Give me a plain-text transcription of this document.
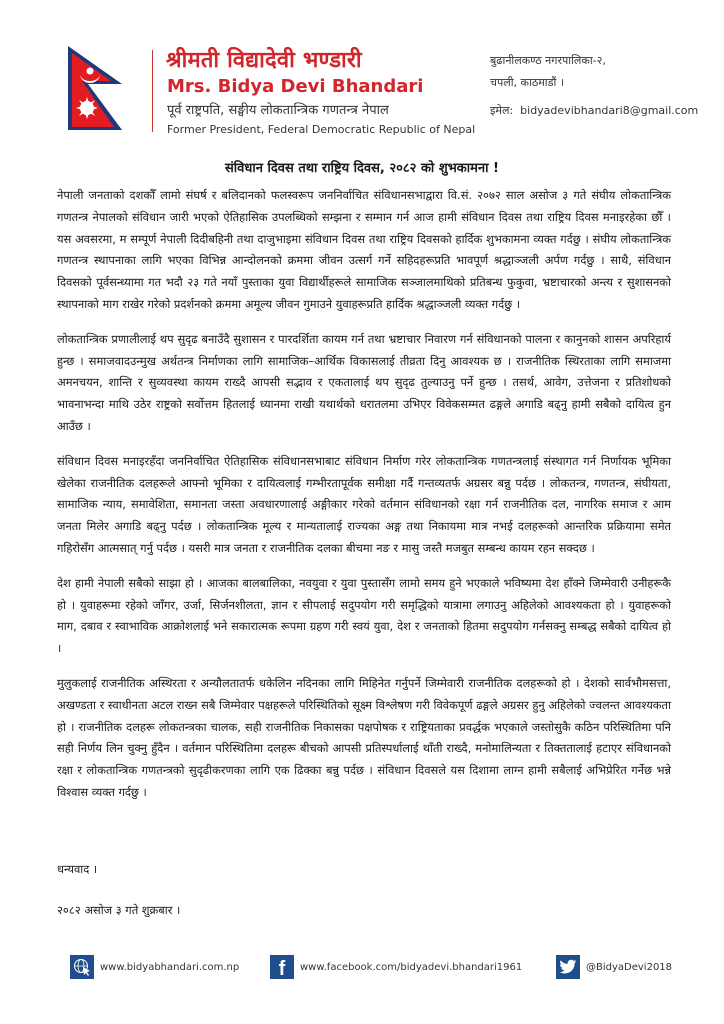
श्रीमती विद्यादेवी भण्डारी
Mrs. Bidya Devi Bhandari
पूर्व राष्ट्रपति, सङ्घीय लोकतान्त्रिक गणतन्त्र नेपाल
Former President, Federal Democratic Republic of Nepal
बुढानीलकण्ठ नगरपालिका-२,
चपली, काठमाडौं ।
इमेल: bidyadevibhandari8@gmail.com
संविधान दिवस तथा राष्ट्रिय दिवस, २०८२ को शुभकामना !

नेपाली जनताको दशकौँ लामो संघर्ष र बलिदानको फलस्वरूप जननिर्वाचित संविधानसभाद्वारा वि.सं. २०७२ साल असोज ३ गते संघीय लोकतान्त्रिक गणतन्त्र नेपालको संविधान जारी भएको ऐतिहासिक उपलब्धिको सम्झना र सम्मान गर्न आज हामी संविधान दिवस तथा राष्ट्रिय दिवस मनाइरहेका छौँ । यस अवसरमा, म सम्पूर्ण नेपाली दिदीबहिनी तथा दाजुभाइमा संविधान दिवस तथा राष्ट्रिय दिवसको हार्दिक शुभकामना व्यक्त गर्दछु । संघीय लोकतान्त्रिक गणतन्त्र स्थापनाका लागि भएका विभिन्न आन्दोलनको क्रममा जीवन उत्सर्ग गर्ने सहिदहरूप्रति भावपूर्ण श्रद्धाञ्जली अर्पण गर्दछु । साथै, संविधान दिवसको पूर्वसन्ध्यामा गत भदौ २३ गते नयाँ पुस्ताका युवा विद्यार्थीहरूले सामाजिक सञ्जालमाथिको प्रतिबन्ध फुकुवा, भ्रष्टाचारको अन्त्य र सुशासनको स्थापनाको माग राखेर गरेको प्रदर्शनको क्रममा अमूल्य जीवन गुमाउने युवाहरूप्रति हार्दिक श्रद्धाञ्जली व्यक्त गर्दछु ।

लोकतान्त्रिक प्रणालीलाई थप सुदृढ बनाउँदै सुशासन र पारदर्शिता कायम गर्न तथा भ्रष्टाचार निवारण गर्न संविधानको पालना र कानुनको शासन अपरिहार्य हुन्छ । समाजवादउन्मुख अर्थतन्त्र निर्माणका लागि सामाजिक–आर्थिक विकासलाई तीव्रता दिनु आवश्यक छ । राजनीतिक स्थिरताका लागि समाजमा अमनचयन, शान्ति र सुव्यवस्था कायम राख्दै आपसी सद्भाव र एकतालाई थप सुदृढ तुल्याउनु पर्ने हुन्छ । तसर्थ, आवेग, उत्तेजना र प्रतिशोधको भावनाभन्दा माथि उठेर राष्ट्रको सर्वोत्तम हितलाई ध्यानमा राखी यथार्थको धरातलमा उभिएर विवेकसम्मत ढङ्गले अगाडि बढ्नु हामी सबैको दायित्व हुन आउँछ ।

संविधान दिवस मनाइरहँदा जननिर्वाचित ऐतिहासिक संविधानसभाबाट संविधान निर्माण गरेर लोकतान्त्रिक गणतन्त्रलाई संस्थागत गर्न निर्णायक भूमिका खेलेका राजनीतिक दलहरूले आफ्नो भूमिका र दायित्वलाई गम्भीरतापूर्वक समीक्षा गर्दै गन्तव्यतर्फ अग्रसर बन्नु पर्दछ । लोकतन्त्र, गणतन्त्र, संघीयता, सामाजिक न्याय, समावेशिता, समानता जस्ता अवधारणालाई अङ्गीकार गरेको वर्तमान संविधानको रक्षा गर्न राजनीतिक दल, नागरिक समाज र आम जनता मिलेर अगाडि बढ्नु पर्दछ । लोकतान्त्रिक मूल्य र मान्यतालाई राज्यका अङ्ग तथा निकायमा मात्र नभई दलहरूको आन्तरिक प्रक्रियामा समेत गहिरोसँग आत्मसात् गर्नु पर्दछ । यसरी मात्र जनता र राजनीतिक दलका बीचमा नङ र मासु जस्तै मजबुत सम्बन्ध कायम रहन सक्दछ ।

देश हामी नेपाली सबैको साझा हो । आजका बालबालिका, नवयुवा र युवा पुस्तासँग लामो समय हुने भएकाले भविष्यमा देश हाँक्ने जिम्मेवारी उनीहरूकै हो । युवाहरूमा रहेको जाँगर, उर्जा, सिर्जनशीलता, ज्ञान र सीपलाई सदुपयोग गरी समृद्धिको यात्रामा लगाउनु अहिलेको आवश्यकता हो । युवाहरूको माग, दबाव र स्वाभाविक आक्रोशलाई भने सकारात्मक रूपमा ग्रहण गरी स्वयं युवा, देश र जनताको हितमा सदुपयोग गर्नसक्नु सम्बद्ध सबैको दायित्व हो ।

मुलुकलाई राजनीतिक अस्थिरता र अन्यौलतातर्फ धकेलिन नदिनका लागि मिहिनेत गर्नुपर्ने जिम्मेवारी राजनीतिक दलहरूको हो । देशको सार्वभौमसत्ता, अखण्डता र स्वाधीनता अटल राख्न सबै जिम्मेवार पक्षहरूले परिस्थितिको सूक्ष्म विश्लेषण गरी विवेकपूर्ण ढङ्गले अग्रसर हुनु अहिलेको ज्वलन्त आवश्यकता हो । राजनीतिक दलहरू लोकतन्त्रका चालक, सही राजनीतिक निकासका पक्षपोषक र राष्ट्रियताका प्रवर्द्धक भएकाले जस्तोसुकै कठिन परिस्थितिमा पनि सही निर्णय लिन चुक्नु हुँदैन । वर्तमान परिस्थितिमा दलहरू बीचको आपसी प्रतिस्पर्धालाई थाँती राख्दै, मनोमालिन्यता र तिक्ततालाई हटाएर संविधानको रक्षा र लोकतान्त्रिक गणतन्त्रको सुदृढीकरणका लागि एक ढिक्का बन्नु पर्दछ । संविधान दिवसले यस दिशामा लाग्न हामी सबैलाई अभिप्रेरित गर्नेछ भन्ने विश्वास व्यक्त गर्दछु ।

धन्यवाद ।
२०८२ असोज ३ गते शुक्रबार ।
www.bidyabhandari.com.np f www.facebook.com/bidyadevi.bhandari1961	@BidyaDevi2018
